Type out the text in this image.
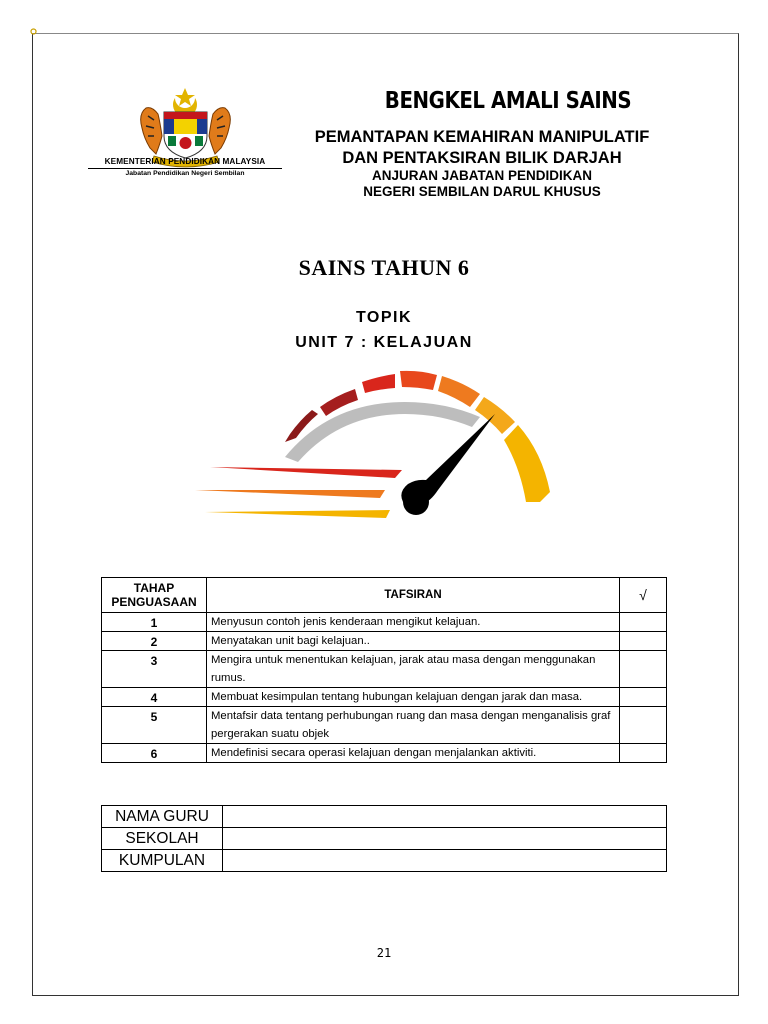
KEMENTERIAN PENDIDIKAN MALAYSIA
Jabatan Pendidikan Negeri Sembilan
BENGKEL AMALI SAINS
PEMANTAPAN KEMAHIRAN MANIPULATIF
DAN PENTAKSIRAN BILIK DARJAH
ANJURAN JABATAN PENDIDIKAN
NEGERI SEMBILAN DARUL KHUSUS
SAINS TAHUN 6
TOPIK
UNIT 7 : KELAJUAN
TAHAP
PENGUASAAN	TAFSIRAN	√
1	Menyusun contoh jenis kenderaan mengikut kelajuan.	
2	Menyatakan unit bagi kelajuan..	
3	Mengira untuk menentukan kelajuan, jarak atau masa dengan menggunakan rumus.	
4	Membuat kesimpulan tentang hubungan kelajuan dengan jarak dan masa.	
5	Mentafsir data tentang perhubungan ruang dan masa dengan menganalisis graf pergerakan suatu objek	
6	Mendefinisi secara operasi kelajuan dengan menjalankan aktiviti.	
NAMA GURU	
SEKOLAH	
KUMPULAN	
21
